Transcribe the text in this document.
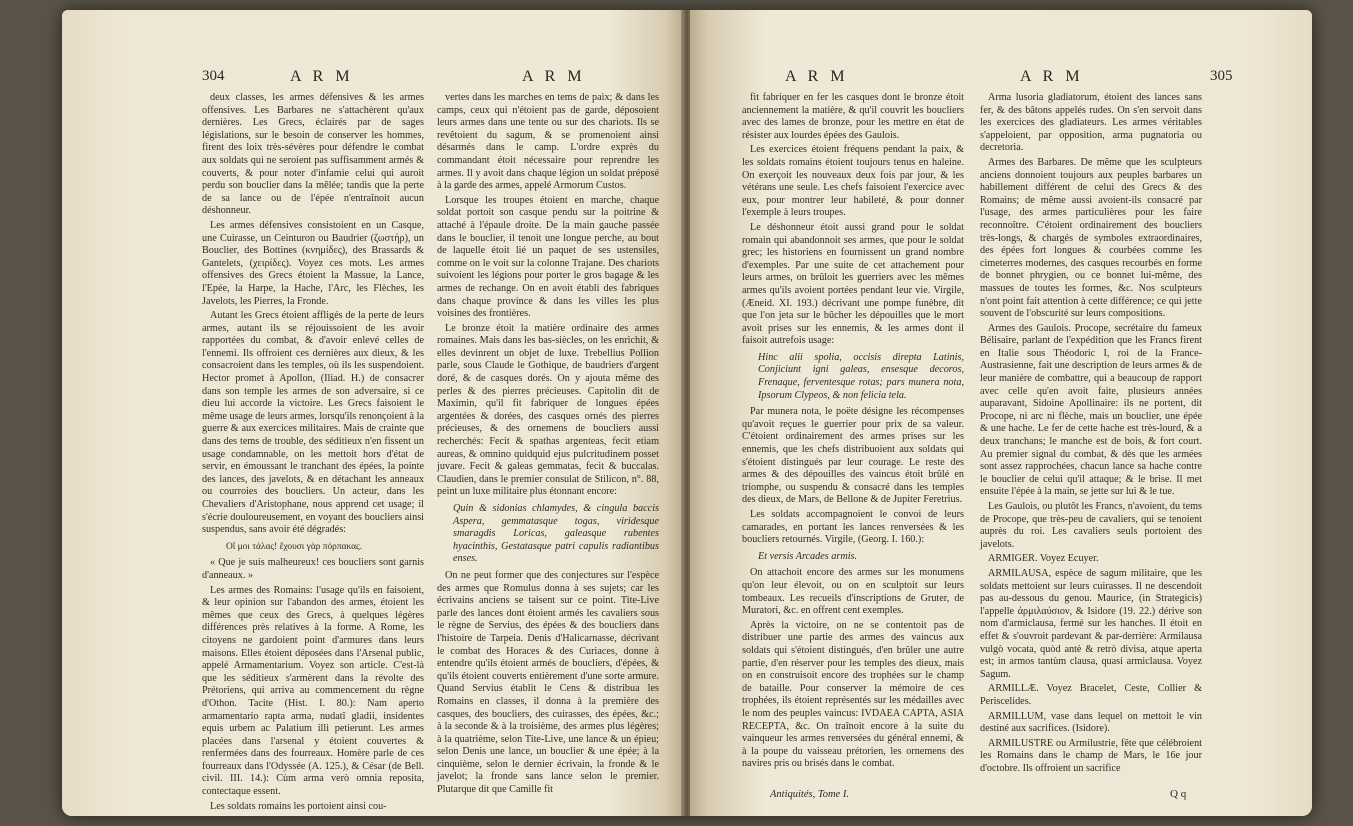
304	A R M	A R M

deux classes, les armes défensives & les armes offensives. Les Barbares ne s'attachèrent qu'aux dernières. Les Grecs, éclairés par de sages législations, sur le besoin de conserver les hommes, firent des loix très-sévères pour défendre le combat aux soldats qui ne seroient pas suffisamment armés & couverts, & pour noter d'infamie celui qui auroit perdu son bouclier dans la mêlée; tandis que la perte de sa lance ou de l'épée n'entraînoit aucun déshonneur.

Les armes défensives consistoient en un Casque, une Cuirasse, un Ceinturon ou Baudrier (ζωστήρ), un Bouclier, des Bottines (κνημίδες), des Brassards & Gantelets, (χειρίδες). Voyez ces mots. Les armes offensives des Grecs étoient la Massue, la Lance, l'Epée, la Harpe, la Hache, l'Arc, les Flèches, les Javelots, les Pierres, la Fronde.

Autant les Grecs étoient affligés de la perte de leurs armes, autant ils se réjouissoient de les avoir rapportées du combat, & d'avoir enlevé celles de l'ennemi. Ils offroient ces dernières aux dieux, & les consacroient dans les temples, où ils les suspendoient. Hector promet à Apollon, (Iliad. H.) de consacrer dans son temple les armes de son adversaire, si ce dieu lui accorde la victoire. Les Grecs faisoient le même usage de leurs armes, lorsqu'ils renonçoient à la guerre & aux exercices militaires. Mais de crainte que dans des tems de trouble, des séditieux n'en fissent un usage condamnable, on les mettoit hors d'état de servir, en émoussant le tranchant des épées, la pointe des lances, des javelots, & en détachant les anneaux ou courroies des boucliers. Un acteur, dans les Chevaliers d'Aristophane, nous apprend cet usage; il s'écrie douloureusement, en voyant des boucliers ainsi suspendus, sans avoir été dégradés:

Οἴ μοι τάλας! ἔχουσι γὰρ πόρπακας.

« Que je suis malheureux! ces boucliers sont garnis d'anneaux. »

Les armes des Romains: l'usage qu'ils en faisoient, & leur opinion sur l'abandon des armes, étoient les mêmes que ceux des Grecs, à quelques légères différences près relatives à la forme. A Rome, les citoyens ne gardoient point d'armures dans leurs maisons. Elles étoient déposées dans l'Arsenal public, appelé Armamentarium. Voyez son article. C'est-là que les séditieux s'armèrent dans la révolte des Prétoriens, qui arriva au commencement du règne d'Othon. Tacite (Hist. I. 80.): Nam aperto armamentario rapta arma, nudatî gladii, insidentes equis urbem ac Palatium illi petierunt. Les armes placées dans l'arsenal y étoient couvertes & renfermées dans des fourreaux. Homère parle de ces fourreaux dans l'Odyssée (A. 125.), & César (de Bell. civil. III. 14.): Cùm arma verò omnia reposita, contectaque essent.

Les soldats romains les portoient ainsi cou-

vertes dans les marches en tems de paix; & dans les camps, ceux qui n'étoient pas de garde, déposoient leurs armes dans une tente ou sur des chariots. Ils se revêtoient du sagum, & se promenoient ainsi désarmés dans le camp. L'ordre exprès du commandant étoit nécessaire pour reprendre les armes. Il y avoit dans chaque légion un soldat préposé à la garde des armes, appelé Armorum Custos.

Lorsque les troupes étoient en marche, chaque soldat portoit son casque pendu sur la poitrine & attaché à l'épaule droite. De la main gauche passée dans le bouclier, il tenoit une longue perche, au bout de laquelle étoit lié un paquet de ses ustensiles, comme on le voit sur la colonne Trajane. Des chariots suivoient les légions pour porter le gros bagage & les armes de rechange. On en avoit établi des fabriques dans chaque province & dans les villes les plus voisines des frontières.

Le bronze étoit la matière ordinaire des armes romaines. Mais dans les bas-siècles, on les enrichit, & elles devinrent un objet de luxe. Trebellius Pollion parle, sous Claude le Gothique, de baudriers d'argent doré, & de casques dorés. On y ajouta même des perles & des pierres précieuses. Capitolin dit de Maximin, qu'il fit fabriquer de longues épées argentées & dorées, des casques ornés des pierres précieuses, & des ornemens de boucliers aussi recherchés: Fecit & spathas argenteas, fecit etiam aureas, & omnino quidquid ejus pulcritudinem posset juvare. Fecit & galeas gemmatas, fecit & buccalas. Claudien, dans le premier consulat de Stilicon, n°. 88, peint un luxe militaire plus étonnant encore:

Quin & sidonias chlamydes, & cingula baccis Aspera, gemmatasque togas, viridesque smaragdis Loricas, galeasque rubentes hyacinthis, Gestatasque patri capulis radiantibus enses.

On ne peut former que des conjectures sur l'espèce des armes que Romulus donna à ses sujets; car les écrivains anciens se taisent sur ce point. Tite-Live parle des lances dont étoient armés les cavaliers sous le règne de Servius, des épées & des boucliers dans l'histoire de Tarpeia. Denis d'Halicarnasse, décrivant le combat des Horaces & des Curiaces, donne à entendre qu'ils étoient armés de boucliers, d'épées, & qu'ils étoient couverts entièrement d'une sorte armure. Quand Servius établit le Cens & distribua les Romains en classes, il donna à la première des casques, des boucliers, des cuirasses, des épées, &c.; à la seconde & à la troisième, des armes plus légères; à la quatrième, selon Tite-Live, une lance & un épieu; selon Denis une lance, un bouclier & une épée; à la cinquième, selon le dernier écrivain, la fronde & le javelot; la fronde sans lance selon le premier. Plutarque dit que Camille fit

A R M	A R M	305

fit fabriquer en fer les casques dont le bronze étoit anciennement la matière, & qu'il couvrit les boucliers avec des lames de bronze, pour les mettre en état de résister aux lourdes épées des Gaulois.

Les exercices étoient fréquens pendant la paix, & les soldats romains étoient toujours tenus en haleine. On exerçoit les nouveaux deux fois par jour, & les vétérans une seule. Les chefs faisoient l'exercice avec eux, pour montrer leur habileté, & pour donner l'exemple à leurs troupes.

Le déshonneur étoit aussi grand pour le soldat romain qui abandonnoit ses armes, que pour le soldat grec; les historiens en fournissent un grand nombre d'exemples. Par une suite de cet attachement pour leurs armes, on brûloit les guerriers avec les mêmes armes qu'ils avoient portées pendant leur vie. Virgile, (Æneid. XI. 193.) décrivant une pompe funèbre, dit que l'on jeta sur le bûcher les dépouilles que le mort avoit prises sur les ennemis, & les armes dont il faisoit autrefois usage:

Hinc alii spolia, occisis direpta Latinis, Conjiciunt igni galeas, ensesque decoros, Frenaque, ferventesque rotas; pars munera nota, Ipsorum Clypeos, & non felicia tela.

Par munera nota, le poëte désigne les récompenses qu'avoit reçues le guerrier pour prix de sa valeur. C'étoient ordinairement des armes prises sur les ennemis, que les chefs distribuoient aux soldats qui s'étoient distingués par leur courage. Le reste des armes & des dépouilles des vaincus étoit brûlé en triomphe, ou suspendu & consacré dans les temples des dieux, de Mars, de Bellone & de Jupiter Feretrius.

Les soldats accompagnoient le convoi de leurs camarades, en portant les lances renversées & les boucliers retournés. Virgile, (Georg. I. 160.):

Et versis Arcades armis.

On attachoit encore des armes sur les monumens qu'on leur élevoit, ou on en sculptoit sur leurs tombeaux. Les recueils d'inscriptions de Gruter, de Muratori, &c. en offrent cent exemples.

Après la victoire, on ne se contentoit pas de distribuer une partie des armes des vaincus aux soldats qui s'étoient distingués, d'en brûler une autre partie, d'en réserver pour les temples des dieux, mais on en construisoit encore des trophées sur le champ de bataille. Pour conserver la mémoire de ces trophées, ils étoient représentés sur les médailles avec le nom des peuples vaincus: IVDAEA CAPTA, ASIA RECEPTA, &c. On traînoit encore à la suite du vainqueur les armes renversées du général ennemi, & à la poupe du vaisseau prétorien, les ornemens des navires pris ou brisés dans le combat.

Arma lusoria gladiatorum, étoient des lances sans fer, & des bâtons appelés rudes. On s'en servoit dans les exercices des gladiateurs. Les armes véritables s'appeloient, par opposition, arma pugnatoria ou decretoria.

Armes des Barbares. De même que les sculpteurs anciens donnoient toujours aux peuples barbares un habillement différent de celui des Grecs & des Romains; de même aussi avoient-ils consacré par l'usage, des armes particulières pour les faire reconnoître. C'étoient ordinairement des boucliers très-longs, & chargés de symboles extraordinaires, des épées fort longues & courbées comme les cimeterres modernes, des casques recourbés en forme de bonnet phrygien, ou ce bonnet lui-même, des massues de toutes les formes, &c. Nos sculpteurs n'ont point fait attention à cette différence; ce qui jette souvent de l'obscurité sur leurs compositions.

Armes des Gaulois. Procope, secrétaire du fameux Bélisaire, parlant de l'expédition que les Francs firent en Italie sous Théodoric I, roi de la France-Austrasienne, fait une description de leurs armes & de leur manière de combattre, qui a beaucoup de rapport avec celle qu'en avoit faite, plusieurs années auparavant, Sidoine Apollinaire: ils ne portent, dit Procope, ni arc ni flèche, mais un bouclier, une épée & une hache. Le fer de cette hache est très-lourd, & a deux tranchans; le manche est de bois, & fort court. Au premier signal du combat, & dès que les armées sont assez rapprochées, chacun lance sa hache contre le bouclier de celui qu'il attaque; & le brise. Il met ensuite l'épée à la main, se jette sur lui & le tue.

Les Gaulois, ou plutôt les Francs, n'avoient, du tems de Procope, que très-peu de cavaliers, qui se tenoient auprès du roi. Les cavaliers seuls portoient des javelots.

ARMIGER. Voyez Ecuyer.

ARMILAUSA, espèce de sagum militaire, que les soldats mettoient sur leurs cuirasses. Il ne descendoit pas au-dessous du genou. Maurice, (in Strategicis) l'appelle ἀρμιλαύσιον, & Isidore (19. 22.) dérive son nom d'armiclausa, fermé sur les hanches. Il étoit en effet & s'ouvroit pardevant & par-derrière: Armilausa vulgò vocata, quòd antè & retrò divisa, atque aperta est; in armos tantùm clausa, quasi armiclausa. Voyez Sagum.

ARMILLÆ. Voyez Bracelet, Ceste, Collier & Periscelides.

ARMILLUM, vase dans lequel on mettoit le vin destiné aux sacrifices. (Isidore).

ARMILUSTRE ou Armilustrie, fête que célébroient les Romains dans le champ de Mars, le 16e jour d'octobre. Ils offroient un sacrifice

Antiquités, Tome I.	Q q
